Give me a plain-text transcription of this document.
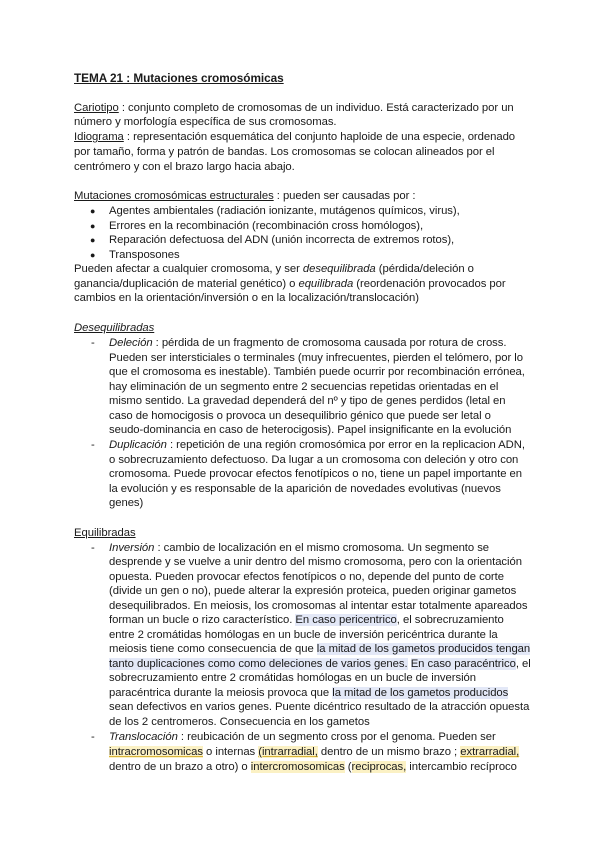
TEMA 21 : Mutaciones cromosómicas
Cariotipo : conjunto completo de cromosomas de un individuo. Está caracterizado por un
número y morfología específica de sus cromosomas.
Idiograma : representación esquemática del conjunto haploide de una especie, ordenado
por tamaño, forma y patrón de bandas. Los cromosomas se colocan alineados por el
centrómero y con el brazo largo hacia abajo.
Mutaciones cromosómicas estructurales : pueden ser causadas por :
● Agentes ambientales (radiación ionizante, mutágenos químicos, virus),
● Errores en la recombinación (recombinación cross homólogos),
● Reparación defectuosa del ADN (unión incorrecta de extremos rotos),
● Transposones
Pueden afectar a cualquier cromosoma, y ser desequilibrada (pérdida/deleción o
ganancia/duplicación de material genético) o equilibrada (reordenación provocados por
cambios en la orientación/inversión o en la localización/translocación)
Desequilibradas
- Deleción : pérdida de un fragmento de cromosoma causada por rotura de cross.
Pueden ser intersticiales o terminales (muy infrecuentes, pierden el telómero, por lo
que el cromosoma es inestable). También puede ocurrir por recombinación errónea,
hay eliminación de un segmento entre 2 secuencias repetidas orientadas en el
mismo sentido. La gravedad dependerá del nº y tipo de genes perdidos (letal en
caso de homocigosis o provoca un desequilibrio génico que puede ser letal o
seudo-dominancia en caso de heterocigosis). Papel insignificante en la evolución
- Duplicación : repetición de una región cromosómica por error en la replicacion ADN,
o sobrecruzamiento defectuoso. Da lugar a un cromosoma con deleción y otro con
cromosoma. Puede provocar efectos fenotípicos o no, tiene un papel importante en
la evolución y es responsable de la aparición de novedades evolutivas (nuevos
genes)
Equilibradas
- Inversión : cambio de localización en el mismo cromosoma. Un segmento se
desprende y se vuelve a unir dentro del mismo cromosoma, pero con la orientación
opuesta. Pueden provocar efectos fenotípicos o no, depende del punto de corte
(divide un gen o no), puede alterar la expresión proteica, pueden originar gametos
desequilibrados. En meiosis, los cromosomas al intentar estar totalmente apareados
forman un bucle o rizo característico. En caso pericentrico, el sobrecruzamiento
entre 2 cromátidas homólogas en un bucle de inversión pericéntrica durante la
meiosis tiene como consecuencia de que la mitad de los gametos producidos tengan
tanto duplicaciones como como deleciones de varios genes. En caso paracéntrico, el
sobrecruzamiento entre 2 cromátidas homólogas en un bucle de inversión
paracéntrica durante la meiosis provoca que la mitad de los gametos producidos
sean defectivos en varios genes. Puente dicéntrico resultado de la atracción opuesta
de los 2 centromeros. Consecuencia en los gametos
- Translocación : reubicación de un segmento cross por el genoma. Pueden ser
intracromosomicas o internas (intrarradial, dentro de un mismo brazo ; extrarradial,
dentro de un brazo a otro) o intercromosomicas (reciprocas, intercambio recíproco
